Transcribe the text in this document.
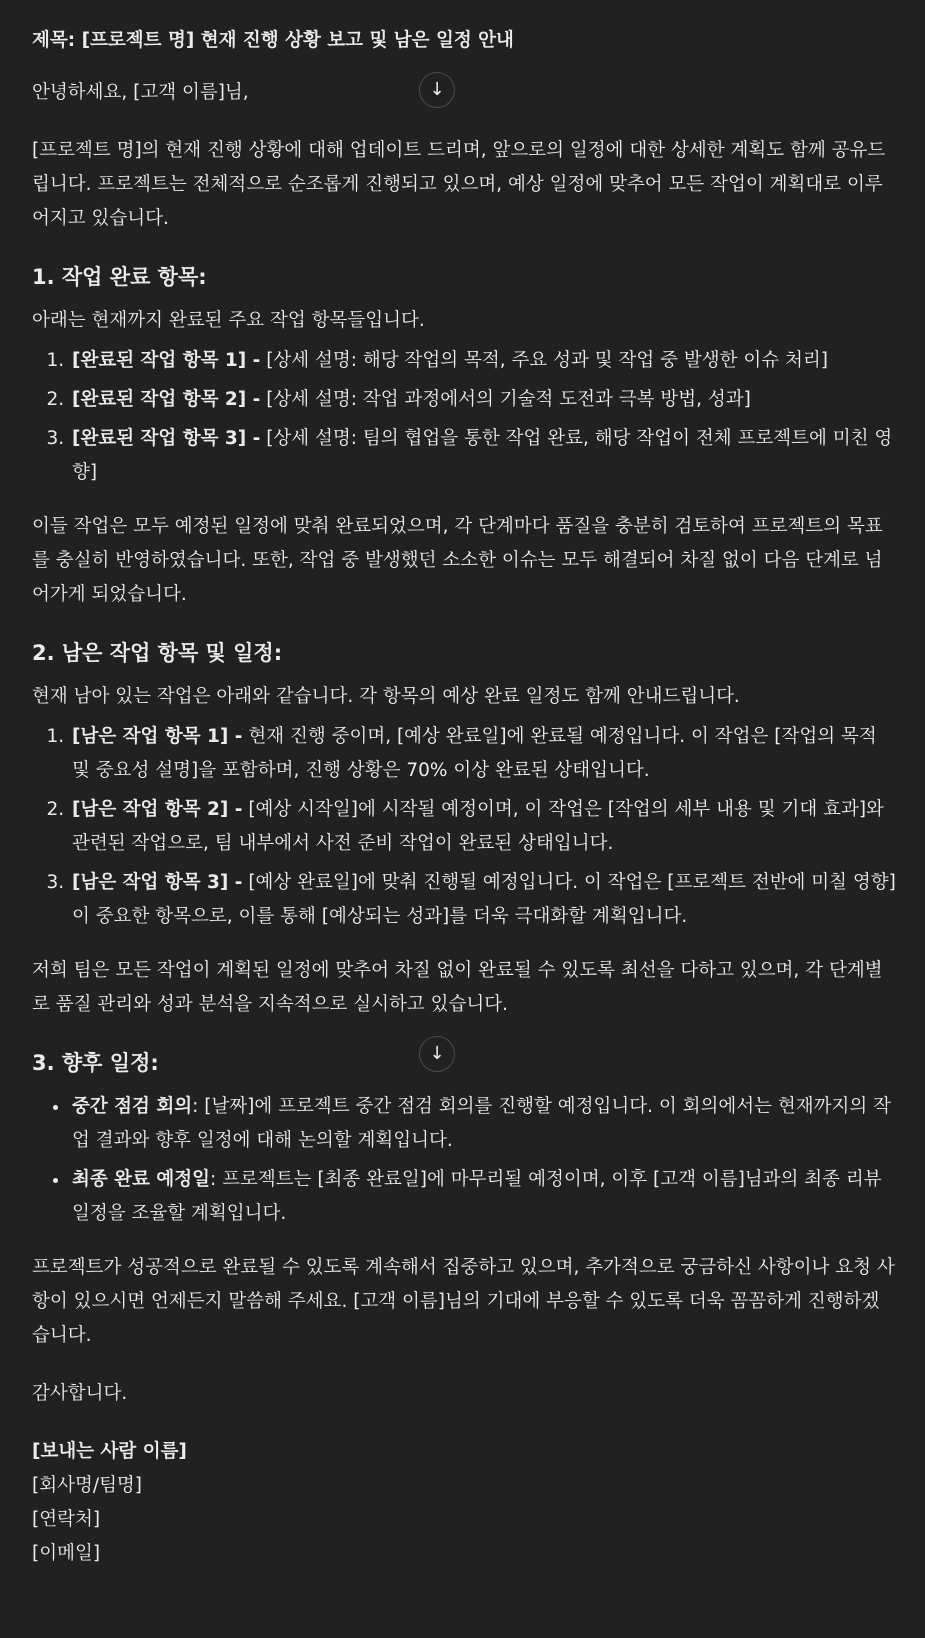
제목: [프로젝트 명] 현재 진행 상황 보고 및 남은 일정 안내

안녕하세요, [고객 이름]님,

[프로젝트 명]의 현재 진행 상황에 대해 업데이트 드리며, 앞으로의 일정에 대한 상세한 계획도 함께 공유드립니다. 프로젝트는 전체적으로 순조롭게 진행되고 있으며, 예상 일정에 맞추어 모든 작업이 계획대로 이루어지고 있습니다.

1. 작업 완료 항목:

아래는 현재까지 완료된 주요 작업 항목들입니다.

1. [완료된 작업 항목 1] - [상세 설명: 해당 작업의 목적, 주요 성과 및 작업 중 발생한 이슈 처리]
2. [완료된 작업 항목 2] - [상세 설명: 작업 과정에서의 기술적 도전과 극복 방법, 성과]
3. [완료된 작업 항목 3] - [상세 설명: 팀의 협업을 통한 작업 완료, 해당 작업이 전체 프로젝트에 미친 영향]

이들 작업은 모두 예정된 일정에 맞춰 완료되었으며, 각 단계마다 품질을 충분히 검토하여 프로젝트의 목표를 충실히 반영하였습니다. 또한, 작업 중 발생했던 소소한 이슈는 모두 해결되어 차질 없이 다음 단계로 넘어가게 되었습니다.

2. 남은 작업 항목 및 일정:

현재 남아 있는 작업은 아래와 같습니다. 각 항목의 예상 완료 일정도 함께 안내드립니다.

1. [남은 작업 항목 1] - 현재 진행 중이며, [예상 완료일]에 완료될 예정입니다. 이 작업은 [작업의 목적 및 중요성 설명]을 포함하며, 진행 상황은 70% 이상 완료된 상태입니다.
2. [남은 작업 항목 2] - [예상 시작일]에 시작될 예정이며, 이 작업은 [작업의 세부 내용 및 기대 효과]와 관련된 작업으로, 팀 내부에서 사전 준비 작업이 완료된 상태입니다.
3. [남은 작업 항목 3] - [예상 완료일]에 맞춰 진행될 예정입니다. 이 작업은 [프로젝트 전반에 미칠 영향]이 중요한 항목으로, 이를 통해 [예상되는 성과]를 더욱 극대화할 계획입니다.

저희 팀은 모든 작업이 계획된 일정에 맞추어 차질 없이 완료될 수 있도록 최선을 다하고 있으며, 각 단계별로 품질 관리와 성과 분석을 지속적으로 실시하고 있습니다.

3. 향후 일정:
• 중간 점검 회의: [날짜]에 프로젝트 중간 점검 회의를 진행할 예정입니다. 이 회의에서는 현재까지의 작업 결과와 향후 일정에 대해 논의할 계획입니다.
• 최종 완료 예정일: 프로젝트는 [최종 완료일]에 마무리될 예정이며, 이후 [고객 이름]님과의 최종 리뷰 일정을 조율할 계획입니다.

프로젝트가 성공적으로 완료될 수 있도록 계속해서 집중하고 있으며, 추가적으로 궁금하신 사항이나 요청 사항이 있으시면 언제든지 말씀해 주세요. [고객 이름]님의 기대에 부응할 수 있도록 더욱 꼼꼼하게 진행하겠습니다.

감사합니다.

[보내는 사람 이름]

[회사명/팀명]

[연락처]

[이메일]

↓
↓
